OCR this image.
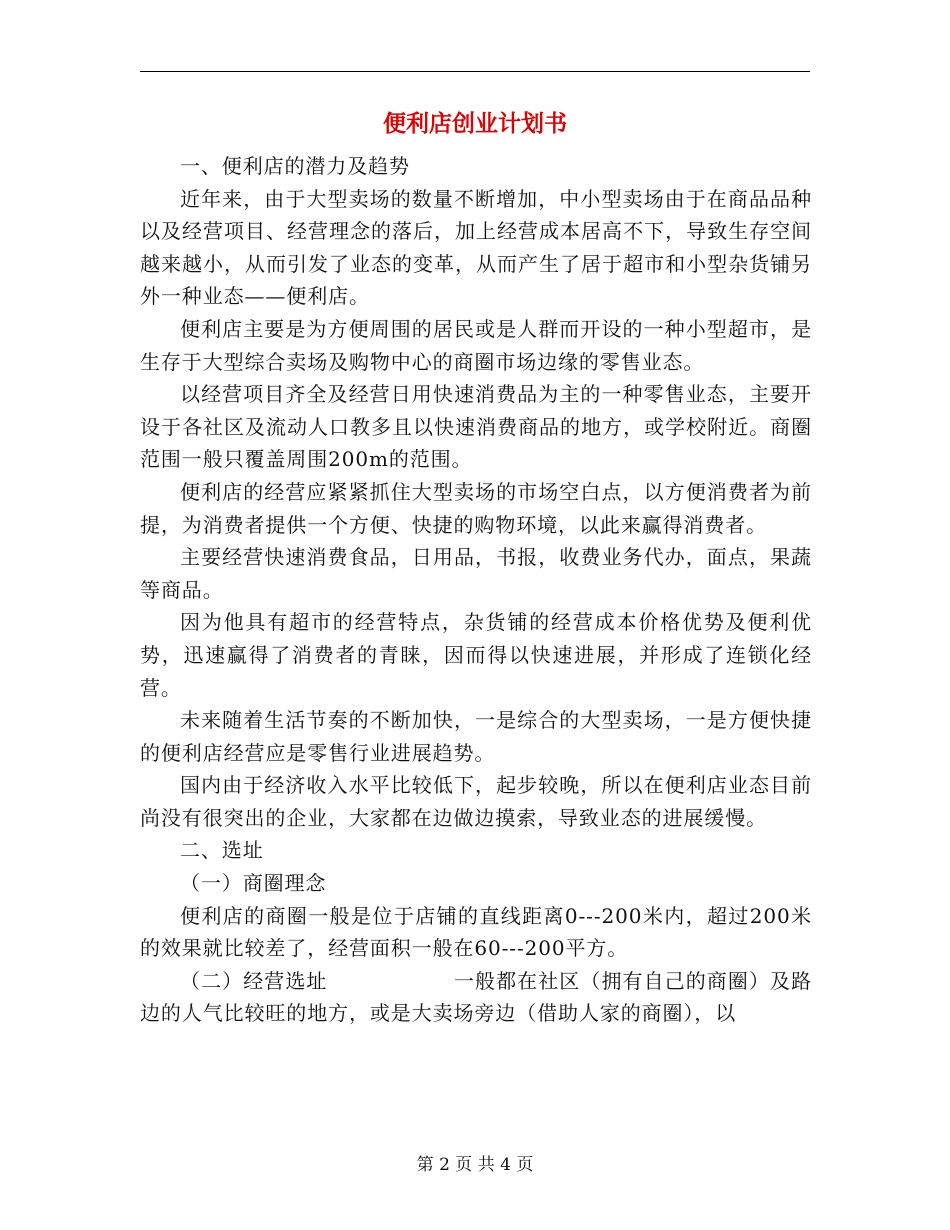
便利店创业计划书

一、便利店的潜力及趋势

近年来，由于大型卖场的数量不断增加，中小型卖场由于在商品品种以及经营项目、经营理念的落后，加上经营成本居高不下，导致生存空间越来越小，从而引发了业态的变革，从而产生了居于超市和小型杂货铺另外一种业态——便利店。

便利店主要是为方便周围的居民或是人群而开设的一种小型超市，是生存于大型综合卖场及购物中心的商圈市场边缘的零售业态。

以经营项目齐全及经营日用快速消费品为主的一种零售业态，主要开设于各社区及流动人口教多且以快速消费商品的地方，或学校附近。商圈范围一般只覆盖周围200m的范围。

便利店的经营应紧紧抓住大型卖场的市场空白点，以方便消费者为前提，为消费者提供一个方便、快捷的购物环境，以此来赢得消费者。

主要经营快速消费食品，日用品，书报，收费业务代办，面点，果蔬等商品。

因为他具有超市的经营特点，杂货铺的经营成本价格优势及便利优势，迅速赢得了消费者的青睐，因而得以快速进展，并形成了连锁化经营。

未来随着生活节奏的不断加快，一是综合的大型卖场，一是方便快捷的便利店经营应是零售行业进展趋势。

国内由于经济收入水平比较低下，起步较晚，所以在便利店业态目前尚没有很突出的企业，大家都在边做边摸索，导致业态的进展缓慢。

二、选址

（一）商圈理念

便利店的商圈一般是位于店铺的直线距离0---200米内，超过200米的效果就比较差了，经营面积一般在60---200平方。

（二）经营选址　　　　　　一般都在社区（拥有自己的商圈）及路边的人气比较旺的地方，或是大卖场旁边（借助人家的商圈），以

第 2 页 共 4 页
